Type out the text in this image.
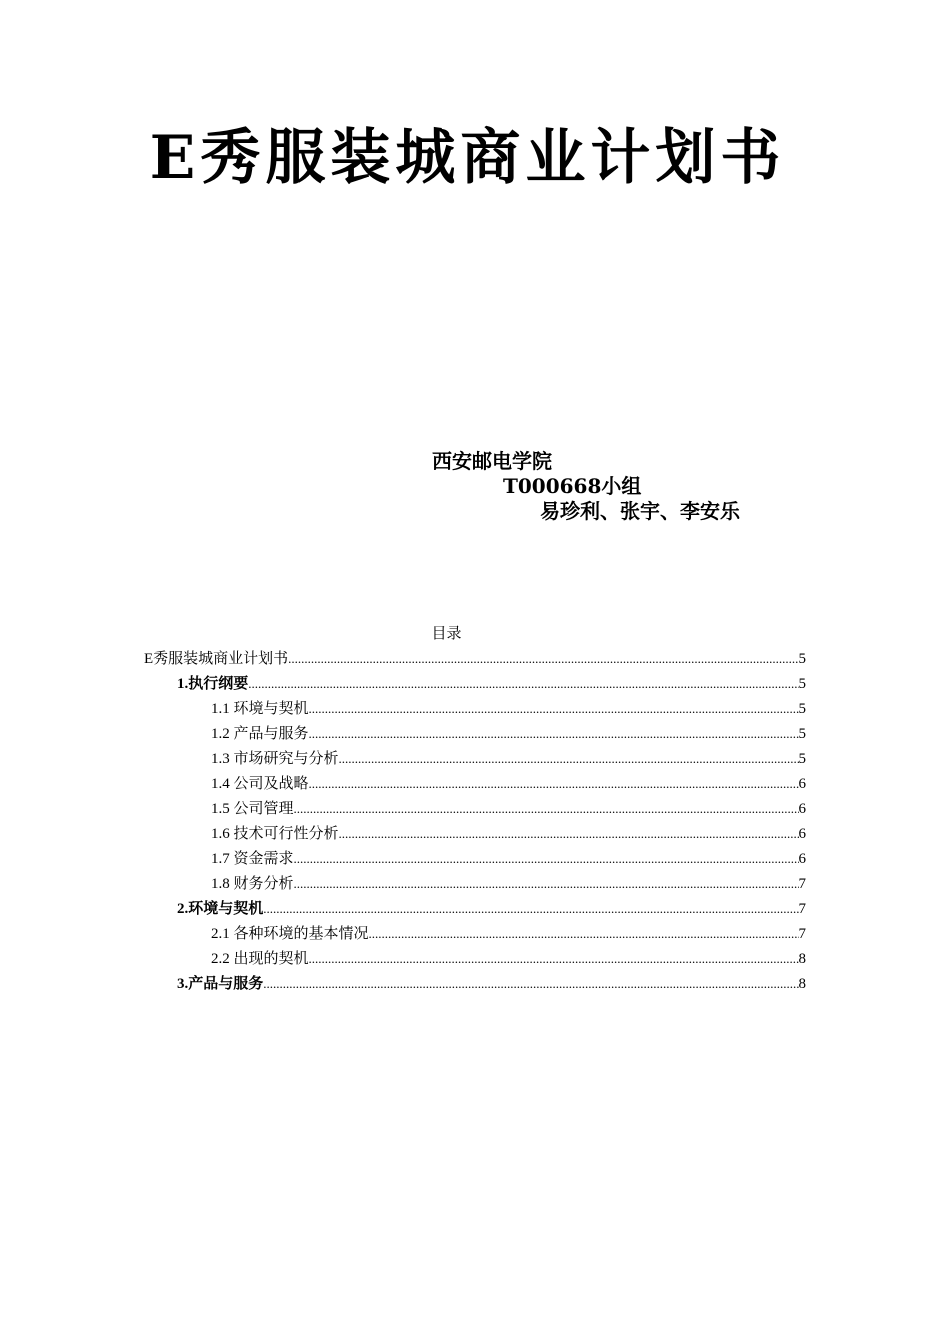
E秀服装城商业计划书
西安邮电学院
T000668小组
易珍利、张宇、李安乐
目录
E秀服装城商业计划书 .....	5
1.执行纲要 .....	5
1.1 环境与契机 .....	5
1.2 产品与服务 .....	5
1.3 市场研究与分析 .....	5
1.4 公司及战略 .....	6
1.5 公司管理 .....	6
1.6 技术可行性分析 .....	6
1.7 资金需求 .....	6
1.8 财务分析 .....	7
2.环境与契机 .....	7
2.1 各种环境的基本情况 .....	7
2.2 出现的契机 .....	8
3.产品与服务 .....	8
